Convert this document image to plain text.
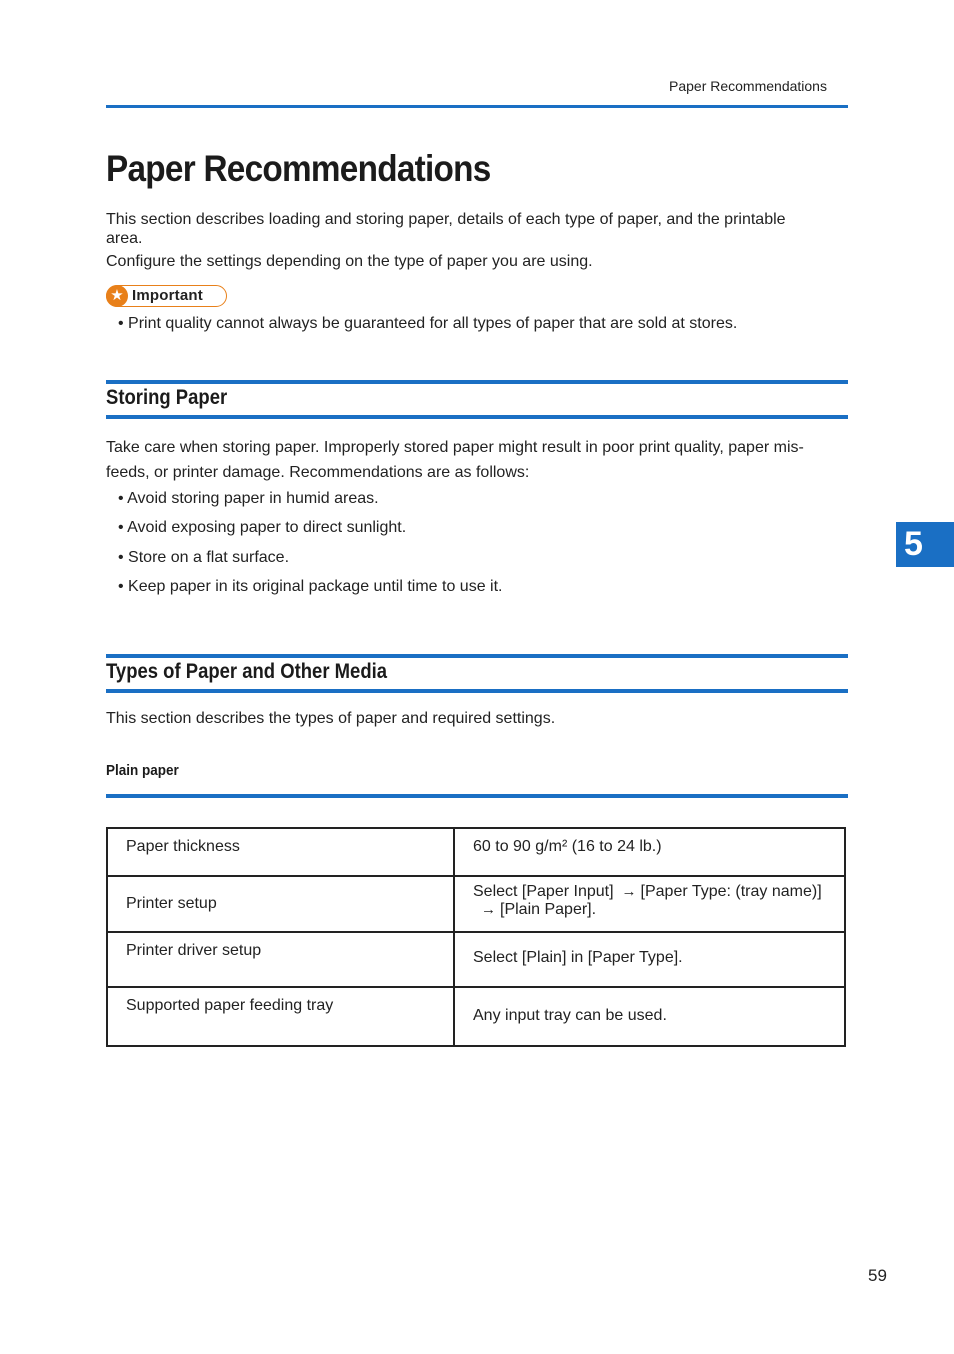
Paper Recommendations
Paper Recommendations
This section describes loading and storing paper, details of each type of paper, and the printable area.
Configure the settings depending on the type of paper you are using.
★ Important
• Print quality cannot always be guaranteed for all types of paper that are sold at stores.
Storing Paper
Take care when storing paper. Improperly stored paper might result in poor print quality, paper mis-feeds, or printer damage. Recommendations are as follows:
• Avoid storing paper in humid areas.
• Avoid exposing paper to direct sunlight.
• Store on a flat surface.
• Keep paper in its original package until time to use it.
Types of Paper and Other Media
This section describes the types of paper and required settings.
Plain paper
Paper thickness	60 to 90 g/m² (16 to 24 lb.)
Printer setup	Select [Paper Input] → [Paper Type: (tray name)]→ [Plain Paper].
Printer driver setup	Select [Plain] in [Paper Type].
Supported paper feeding tray	Any input tray can be used.
5
59
